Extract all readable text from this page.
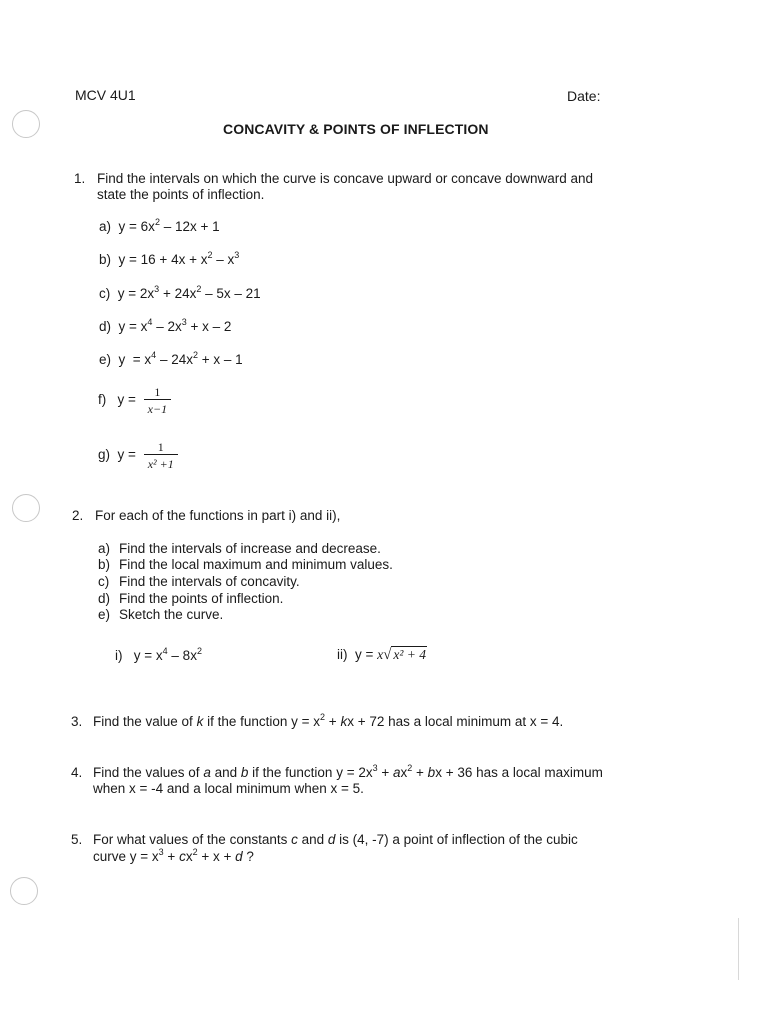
MCV 4U1	Date:
CONCAVITY & POINTS OF INFLECTION
1. Find the intervals on which the curve is concave upward or concave downward and
state the points of inflection.
a)  $y = 6x^2 - 12x + 1$
b)  $y = 16 + 4x + x^2 - x^3$
c)  $y = 2x^3 + 24x^2 - 5x - 21$
d)  $y = x^4 - 2x^3 + x - 2$
e)  $y = x^4 - 24x^2 + x - 1$
f)   $y = \frac{1}{x-1}$
g)  $y = \frac{1}{\text{x² +1}}$
2. For each of the functions in part i) and ii),
a) Find the intervals of increase and decrease.
b) Find the local maximum and minimum values.
c) Find the intervals of concavity.
d) Find the points of inflection.
e) Sketch the curve.
i)   $y = x^4 - 8x^2$	ii)  y = x√ x² + 4
3. Find the value of k if the function $y = x^2$ + kx + 72 has a local minimum at x = 4.
4. Find the values of a and b if the function $y = 2x^3 + ax^2$ + bx + 36 has a local maximum
when x = -4 and a local minimum when x = 5.
5. For what values of the constants c and d is (4, -7) a point of inflection of the cubic
curve $y = x^3 + cx^2 + x + d$ ?
